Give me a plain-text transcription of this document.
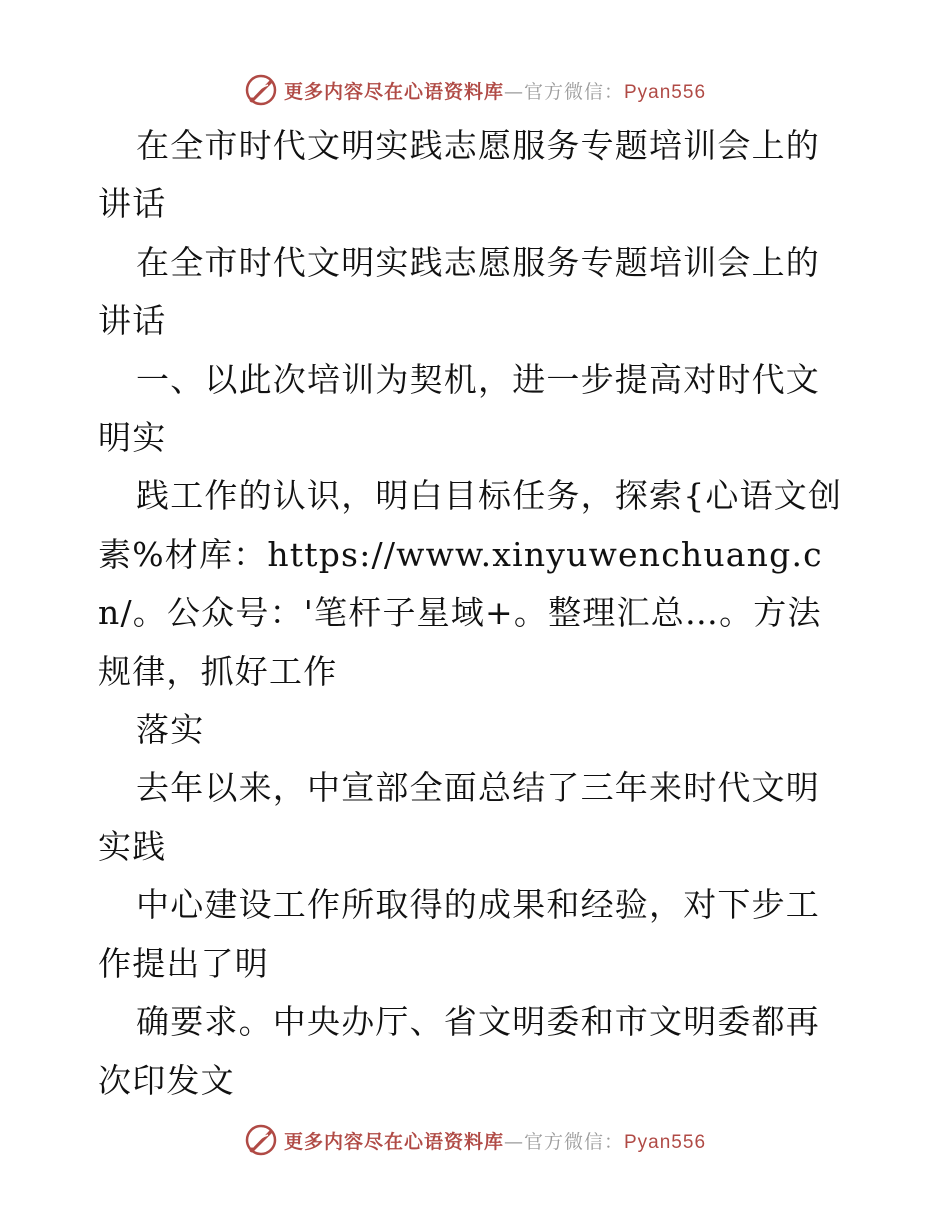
更多内容尽在心语资料库—官方微信：Pyan556

在全市时代文明实践志愿服务专题培训会上的讲话

在全市时代文明实践志愿服务专题培训会上的讲话

一、以此次培训为契机，进一步提高对时代文明实

践工作的认识，明白目标任务，探索{心语文创素%材库：https://www.xinyuwenchuang.cn/。公众号：'笔杆子星域+。整理汇总…。方法规律，抓好工作

落实

去年以来，中宣部全面总结了三年来时代文明实践

中心建设工作所取得的成果和经验，对下步工作提出了明

确要求。中央办厅、省文明委和市文明委都再次印发文

更多内容尽在心语资料库—官方微信：Pyan556
